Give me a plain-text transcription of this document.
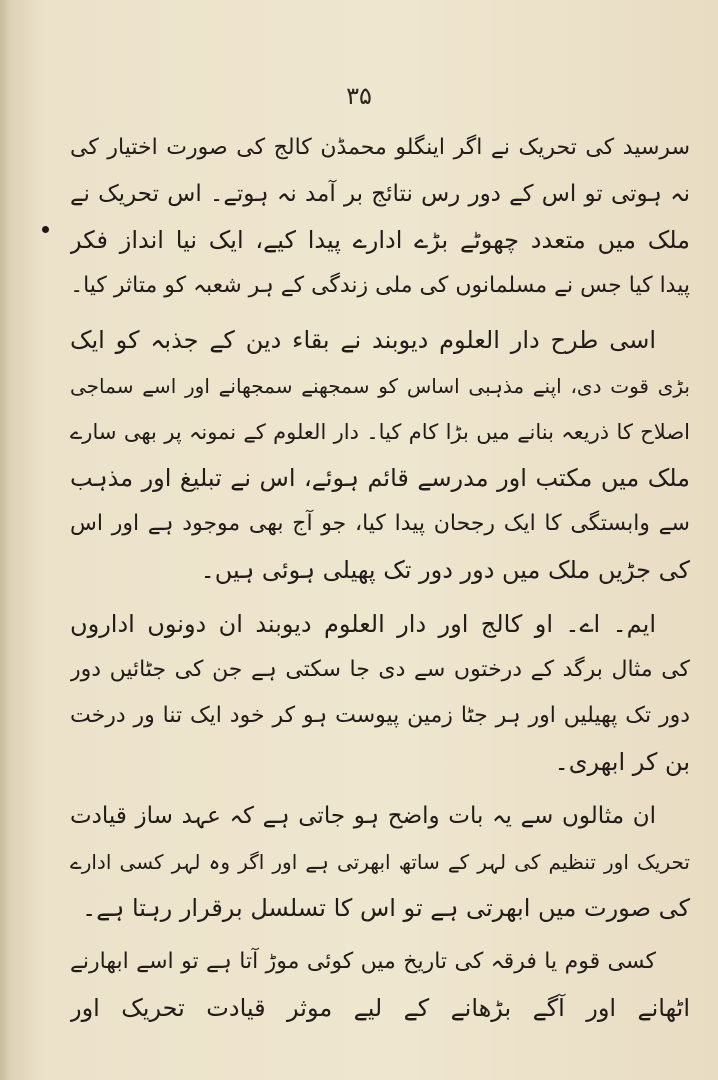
۳۵
سرسید کی تحریک نے اگر اینگلو محمڈن کالج کی صورت اختیار کی
نہ ہوتی تو اس کے دور رس نتائج بر آمد نہ ہوتے۔ اس تحریک نے
ملک میں متعدد چھوٹے بڑے ادارے پیدا کیے، ایک نیا انداز فکر
پیدا کیا جس نے مسلمانوں کی ملی زندگی کے ہر شعبہ کو متاثر کیا۔
اسی طرح دار العلوم دیوبند نے بقاء دین کے جذبہ کو ایک
بڑی قوت دی، اپنے مذہبی اساس کو سمجھنے سمجھانے اور اسے سماجی
اصلاح کا ذریعہ بنانے میں بڑا کام کیا۔ دار العلوم کے نمونہ پر بھی سارے
ملک میں مکتب اور مدرسے قائم ہوئے، اس نے تبلیغ اور مذہب
سے وابستگی کا ایک رجحان پیدا کیا، جو آج بھی موجود ہے اور اس
کی جڑیں ملک میں دور دور تک پھیلی ہوئی ہیں۔
ایم۔ اے۔ او کالج اور دار العلوم دیوبند ان دونوں اداروں
کی مثال برگد کے درختوں سے دی جا سکتی ہے جن کی جٹائیں دور
دور تک پھیلیں اور ہر جٹا زمین پیوست ہو کر خود ایک تنا ور درخت
بن کر ابھری۔
ان مثالوں سے یہ بات واضح ہو جاتی ہے کہ عہد ساز قیادت
تحریک اور تنظیم کی لہر کے ساتھ ابھرتی ہے اور اگر وہ لہر کسی ادارے
کی صورت میں ابھرتی ہے تو اس کا تسلسل برقرار رہتا ہے۔
کسی قوم یا فرقہ کی تاریخ میں کوئی موڑ آتا ہے تو اسے ابھارنے
اٹھانے اور آگے بڑھانے کے لیے موثر قیادت تحریک اور
